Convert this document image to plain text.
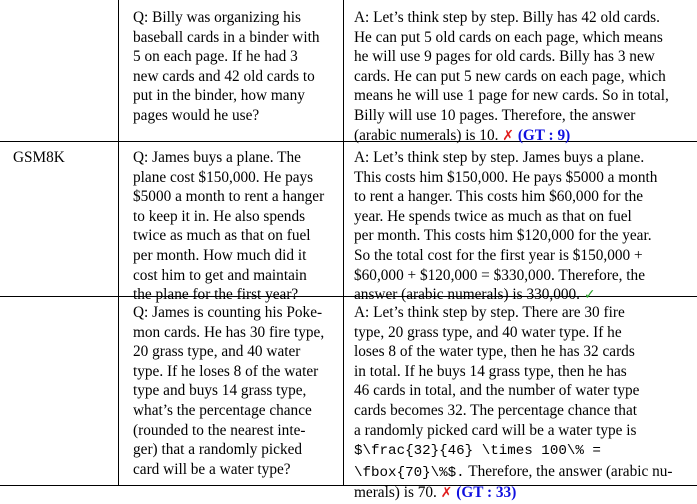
GSM8K
Q: Billy was organizing his
baseball cards in a binder with
5 on each page. If he had 3
new cards and 42 old cards to
put in the binder, how many
pages would he use?
A: Let’s think step by step. Billy has 42 old cards.
He can put 5 old cards on each page, which means
he will use 9 pages for old cards. Billy has 3 new
cards. He can put 5 new cards on each page, which
means he will use 1 page for new cards. So in total,
Billy will use 10 pages. Therefore, the answer
(arabic numerals) is 10. ✗ (GT : 9)
Q: James buys a plane. The
plane cost $150,000. He pays
$5000 a month to rent a hanger
to keep it in. He also spends
twice as much as that on fuel
per month. How much did it
cost him to get and maintain
the plane for the first year?
A: Let’s think step by step. James buys a plane.
This costs him $150,000. He pays $5000 a month
to rent a hanger. This costs him $60,000 for the
year. He spends twice as much as that on fuel
per month. This costs him $120,000 for the year.
So the total cost for the first year is $150,000 +
$60,000 + $120,000 = $330,000. Therefore, the
answer (arabic numerals) is 330,000. ✓
Q: James is counting his Poke-
mon cards. He has 30 fire type,
20 grass type, and 40 water
type. If he loses 8 of the water
type and buys 14 grass type,
what’s the percentage chance
(rounded to the nearest inte-
ger) that a randomly picked
card will be a water type?
A: Let’s think step by step. There are 30 fire
type, 20 grass type, and 40 water type. If he
loses 8 of the water type, then he has 32 cards
in total. If he buys 14 grass type, then he has
46 cards in total, and the number of water type
cards becomes 32. The percentage chance that
a randomly picked card will be a water type is
$\frac{32}{46} \times 100\% =
\fbox{70}\%$. Therefore, the answer (arabic nu-
merals) is 70. ✗ (GT : 33)
